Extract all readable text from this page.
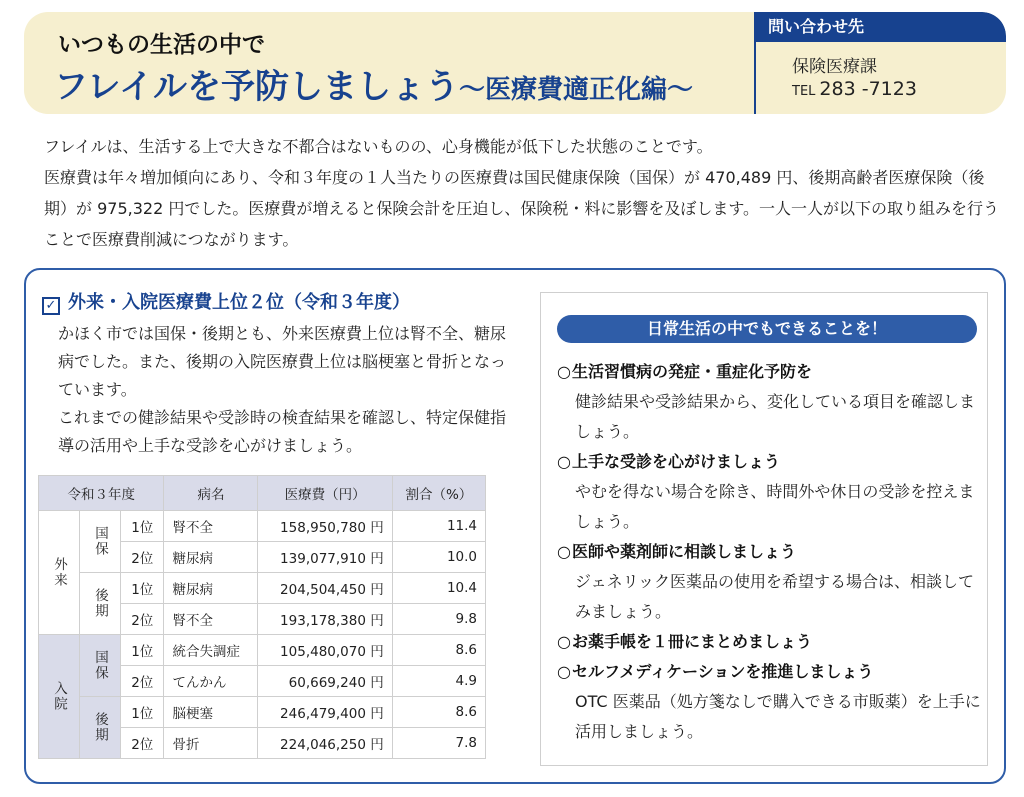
いつもの生活の中で
フレイルを予防しましょう～医療費適正化編～
問い合わせ先
保険医療課
TEL 283 -7123

フレイルは、生活する上で大きな不都合はないものの、心身機能が低下した状態のことです。

医療費は年々増加傾向にあり、令和３年度の１人当たりの医療費は国民健康保険（国保）が 470,489 円、後期高齢者医療保険（後期）が 975,322 円でした。医療費が増えると保険会計を圧迫し、保険税・料に影響を及ぼします。一人一人が以下の取り組みを行うことで医療費削減につながります。

✓ 外来・入院医療費上位２位（令和３年度）

かほく市では国保・後期とも、外来医療費上位は腎不全、糖尿病でした。また、後期の入院医療費上位は脳梗塞と骨折となっています。

これまでの健診結果や受診時の検査結果を確認し、特定保健指導の活用や上手な受診を心がけましょう。

令和３年度			病名	医療費（円）	割合（%）
外来	国保	1位	腎不全	158,950,780 円	11.4
		2位	糖尿病	139,077,910 円	10.0
	後期	1位	糖尿病	204,504,450 円	10.4
		2位	腎不全	193,178,380 円	9.8
入院	国保	1位	統合失調症	105,480,070 円	8.6
		2位	てんかん	60,669,240 円	4.9
	後期	1位	脳梗塞	246,479,400 円	8.6
		2位	骨折	224,046,250 円	7.8
日常生活の中でもできることを！
○生活習慣病の発症・重症化予防を
健診結果や受診結果から、変化している項目を確認しましょう。
○上手な受診を心がけましょう
やむを得ない場合を除き、時間外や休日の受診を控えましょう。
○医師や薬剤師に相談しましょう
ジェネリック医薬品の使用を希望する場合は、相談してみましょう。
○お薬手帳を１冊にまとめましょう
○セルフメディケーションを推進しましょう
OTC 医薬品（処方箋なしで購入できる市販薬）を上手に活用しましょう。
